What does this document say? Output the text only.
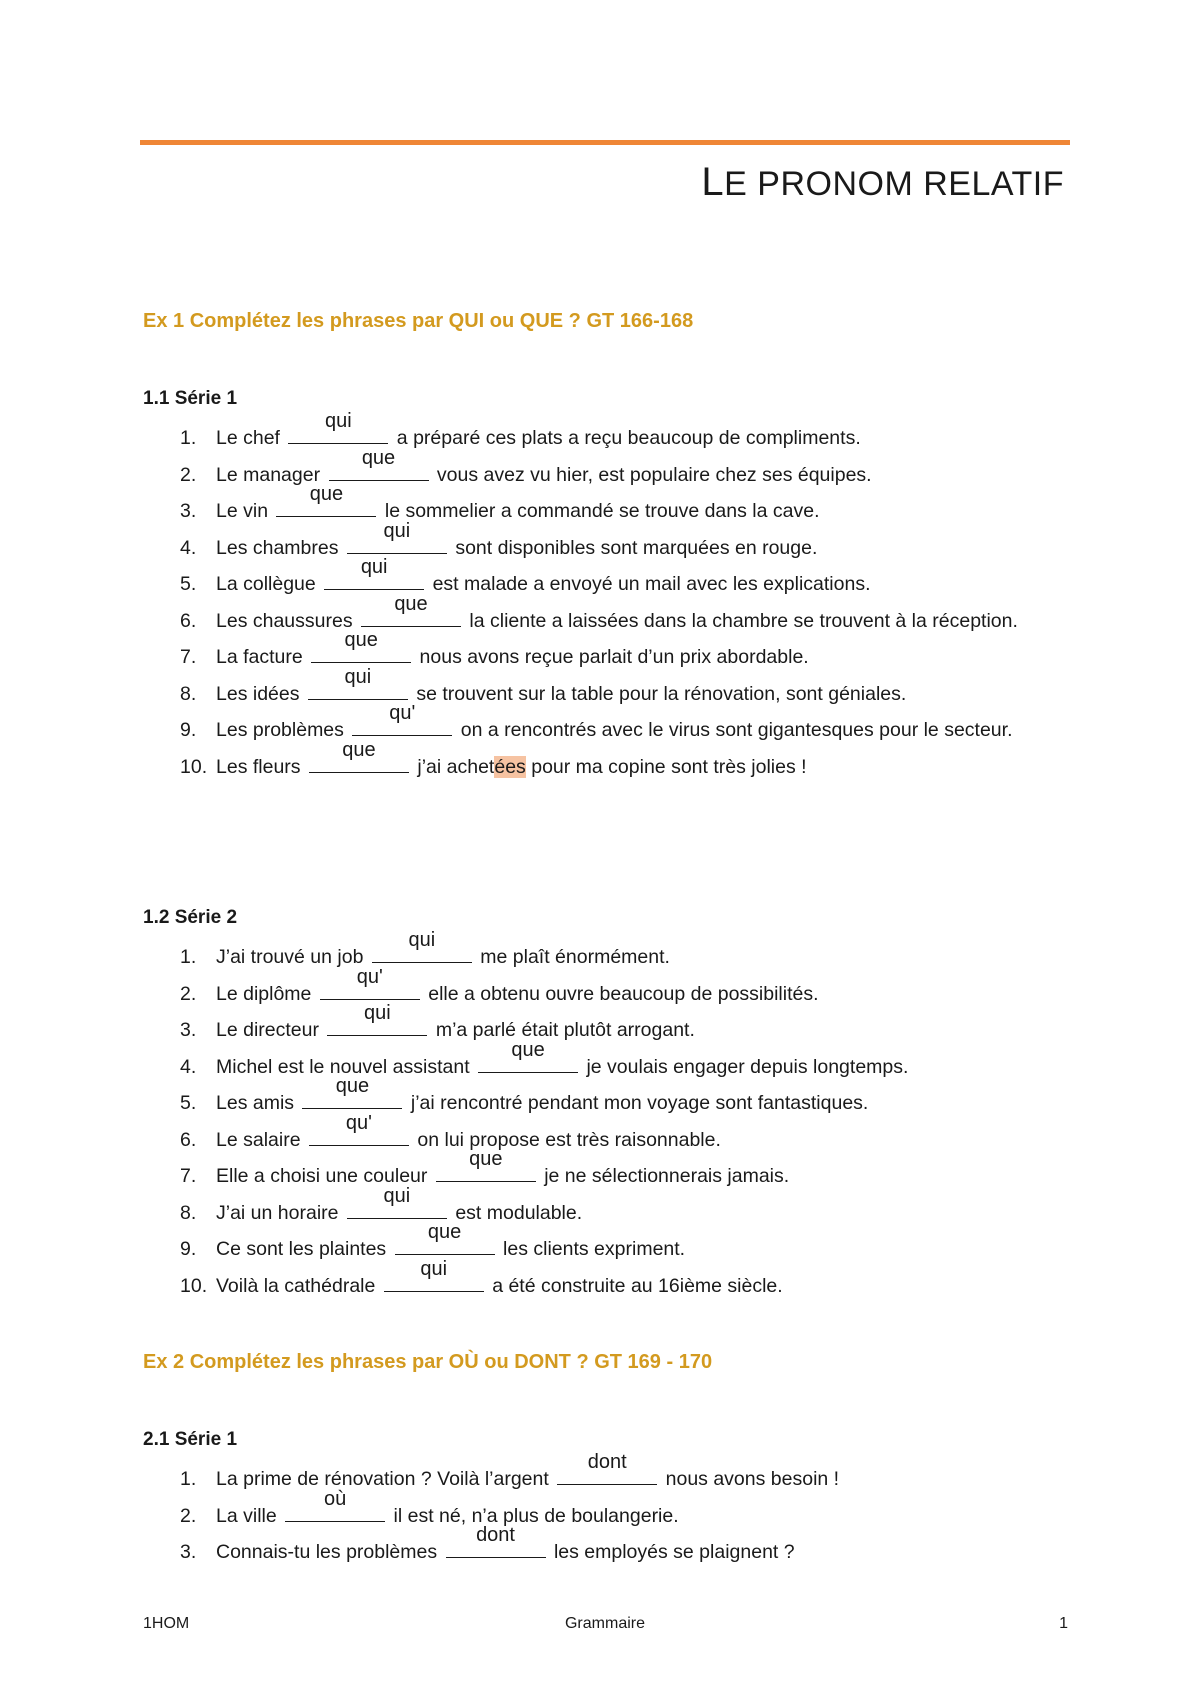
LE PRONOM RELATIF
Ex 1 Complétez les phrases par QUI ou QUE ? GT 166-168
1.1 Série 1
1.	Le chef
qui
a préparé ces plats a reçu beaucoup de compliments.
2.	Le manager
que
vous avez vu hier, est populaire chez ses équipes.
3.	Le vin
que
le sommelier a commandé se trouve dans la cave.
4.	Les chambres
qui
sont disponibles sont marquées en rouge.
5.	La collègue
qui
est malade a envoyé un mail avec les explications.
6.	Les chaussures
que
la cliente a laissées dans la chambre se trouvent à la réception.
7.	La facture
que
nous avons reçue parlait d’un prix abordable.
8.	Les idées
qui
se trouvent sur la table pour la rénovation, sont géniales.
9.	Les problèmes
qu'
on a rencontrés avec le virus sont gigantesques pour le secteur.
10. Les fleurs
que
j’ai achetées pour ma copine sont très jolies !
1.2 Série 2
1.	J’ai trouvé un job
qui
me plaît énormément.
2.	Le diplôme
qu'
elle a obtenu ouvre beaucoup de possibilités.
3.	Le directeur
qui
m’a parlé était plutôt arrogant.
4.	Michel est le nouvel assistant
que
je voulais engager depuis longtemps.
5.	Les amis
que
j’ai rencontré pendant mon voyage sont fantastiques.
6.	Le salaire
qu'
on lui propose est très raisonnable.
7.	Elle a choisi une couleur
que
je ne sélectionnerais jamais.
8.	J’ai un horaire
qui
est modulable.
9.	Ce sont les plaintes
que
les clients expriment.
10. Voilà la cathédrale
qui
a été construite au 16ième siècle.
Ex 2 Complétez les phrases par OÙ ou DONT ? GT 169 - 170
2.1 Série 1
1.	La prime de rénovation ? Voilà l’argent
dont
nous avons besoin !
2.	La ville
où
il est né, n’a plus de boulangerie.
3.	Connais-tu les problèmes
dont
les employés se plaignent ?
1HOM	Grammaire	1
